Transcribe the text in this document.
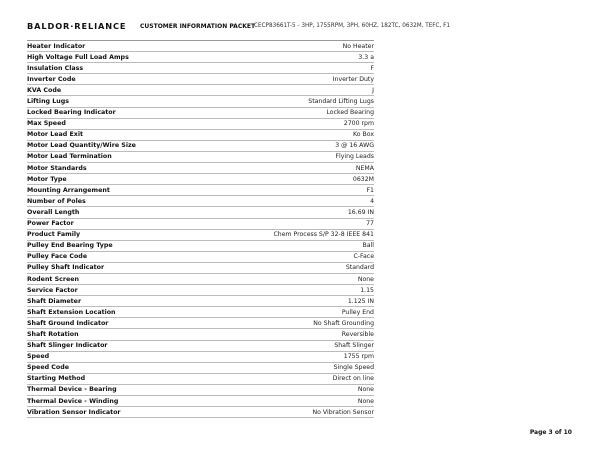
BALDOR·RELIANCE	CUSTOMER INFORMATION PACKET
CECP83661T-5 - 3HP, 1755RPM, 3PH, 60HZ, 182TC, 0632M, TEFC, F1
Heater Indicator	No Heater
High Voltage Full Load Amps	3.3 a
Insulation Class	F
Inverter Code	Inverter Duty
KVA Code	J
Lifting Lugs	Standard Lifting Lugs
Locked Bearing Indicator	Locked Bearing
Max Speed	2700 rpm
Motor Lead Exit	Ko Box
Motor Lead Quantity/Wire Size	3 @ 16 AWG
Motor Lead Termination	Flying Leads
Motor Standards	NEMA
Motor Type	0632M
Mounting Arrangement	F1
Number of Poles	4
Overall Length	16.69 IN
Power Factor	77
Product Family	Chem Process S/P 32-8 IEEE 841
Pulley End Bearing Type	Ball
Pulley Face Code	C-Face
Pulley Shaft Indicator	Standard
Rodent Screen	None
Service Factor	1.15
Shaft Diameter	1.125 IN
Shaft Extension Location	Pulley End
Shaft Ground Indicator	No Shaft Grounding
Shaft Rotation	Reversible
Shaft Slinger Indicator	Shaft Slinger
Speed	1755 rpm
Speed Code	Single Speed
Starting Method	Direct on line
Thermal Device - Bearing	None
Thermal Device - Winding	None
Vibration Sensor Indicator	No Vibration Sensor
Page 3 of 10
